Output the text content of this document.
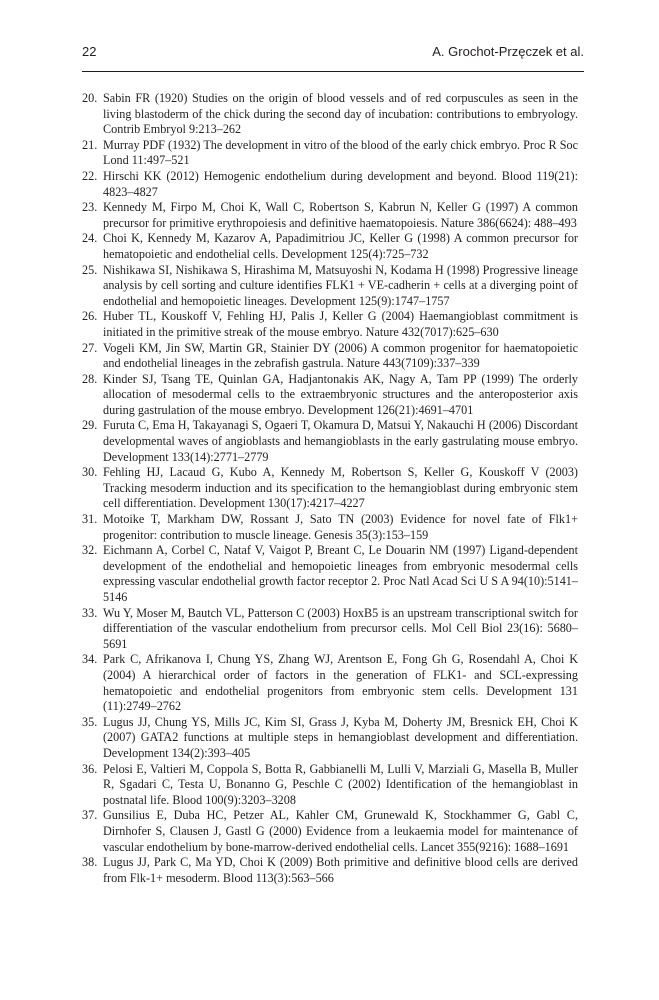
22	A. Grochot-Przęczek et al.
20. Sabin FR (1920) Studies on the origin of blood vessels and of red corpuscules as seen in the living blastoderm of the chick during the second day of incubation: contributions to embryology. Contrib Embryol 9:213–262
21. Murray PDF (1932) The development in vitro of the blood of the early chick embryo. Proc R Soc Lond 11:497–521
22. Hirschi KK (2012) Hemogenic endothelium during development and beyond. Blood 119(21): 4823–4827
23. Kennedy M, Firpo M, Choi K, Wall C, Robertson S, Kabrun N, Keller G (1997) A common precursor for primitive erythropoiesis and definitive haematopoiesis. Nature 386(6624): 488–493
24. Choi K, Kennedy M, Kazarov A, Papadimitriou JC, Keller G (1998) A common precursor for hematopoietic and endothelial cells. Development 125(4):725–732
25. Nishikawa SI, Nishikawa S, Hirashima M, Matsuyoshi N, Kodama H (1998) Progressive lineage analysis by cell sorting and culture identifies FLK1 + VE-cadherin + cells at a diverging point of endothelial and hemopoietic lineages. Development 125(9):1747–1757
26. Huber TL, Kouskoff V, Fehling HJ, Palis J, Keller G (2004) Haemangioblast commitment is initiated in the primitive streak of the mouse embryo. Nature 432(7017):625–630
27. Vogeli KM, Jin SW, Martin GR, Stainier DY (2006) A common progenitor for haematopoietic and endothelial lineages in the zebrafish gastrula. Nature 443(7109):337–339
28. Kinder SJ, Tsang TE, Quinlan GA, Hadjantonakis AK, Nagy A, Tam PP (1999) The orderly allocation of mesodermal cells to the extraembryonic structures and the anteroposterior axis during gastrulation of the mouse embryo. Development 126(21):4691–4701
29. Furuta C, Ema H, Takayanagi S, Ogaeri T, Okamura D, Matsui Y, Nakauchi H (2006) Discordant developmental waves of angioblasts and hemangioblasts in the early gastrulating mouse embryo. Development 133(14):2771–2779
30. Fehling HJ, Lacaud G, Kubo A, Kennedy M, Robertson S, Keller G, Kouskoff V (2003) Tracking mesoderm induction and its specification to the hemangioblast during embryonic stem cell differentiation. Development 130(17):4217–4227
31. Motoike T, Markham DW, Rossant J, Sato TN (2003) Evidence for novel fate of Flk1+ progenitor: contribution to muscle lineage. Genesis 35(3):153–159
32. Eichmann A, Corbel C, Nataf V, Vaigot P, Breant C, Le Douarin NM (1997) Ligand-dependent development of the endothelial and hemopoietic lineages from embryonic mesodermal cells expressing vascular endothelial growth factor receptor 2. Proc Natl Acad Sci U S A 94(10):5141–5146
33. Wu Y, Moser M, Bautch VL, Patterson C (2003) HoxB5 is an upstream transcriptional switch for differentiation of the vascular endothelium from precursor cells. Mol Cell Biol 23(16): 5680–5691
34. Park C, Afrikanova I, Chung YS, Zhang WJ, Arentson E, Fong Gh G, Rosendahl A, Choi K (2004) A hierarchical order of factors in the generation of FLK1- and SCL-expressing hematopoietic and endothelial progenitors from embryonic stem cells. Development 131 (11):2749–2762
35. Lugus JJ, Chung YS, Mills JC, Kim SI, Grass J, Kyba M, Doherty JM, Bresnick EH, Choi K (2007) GATA2 functions at multiple steps in hemangioblast development and differentiation. Development 134(2):393–405
36. Pelosi E, Valtieri M, Coppola S, Botta R, Gabbianelli M, Lulli V, Marziali G, Masella B, Muller R, Sgadari C, Testa U, Bonanno G, Peschle C (2002) Identification of the hemangioblast in postnatal life. Blood 100(9):3203–3208
37. Gunsilius E, Duba HC, Petzer AL, Kahler CM, Grunewald K, Stockhammer G, Gabl C, Dirnhofer S, Clausen J, Gastl G (2000) Evidence from a leukaemia model for maintenance of vascular endothelium by bone-marrow-derived endothelial cells. Lancet 355(9216): 1688–1691
38. Lugus JJ, Park C, Ma YD, Choi K (2009) Both primitive and definitive blood cells are derived from Flk-1+ mesoderm. Blood 113(3):563–566
